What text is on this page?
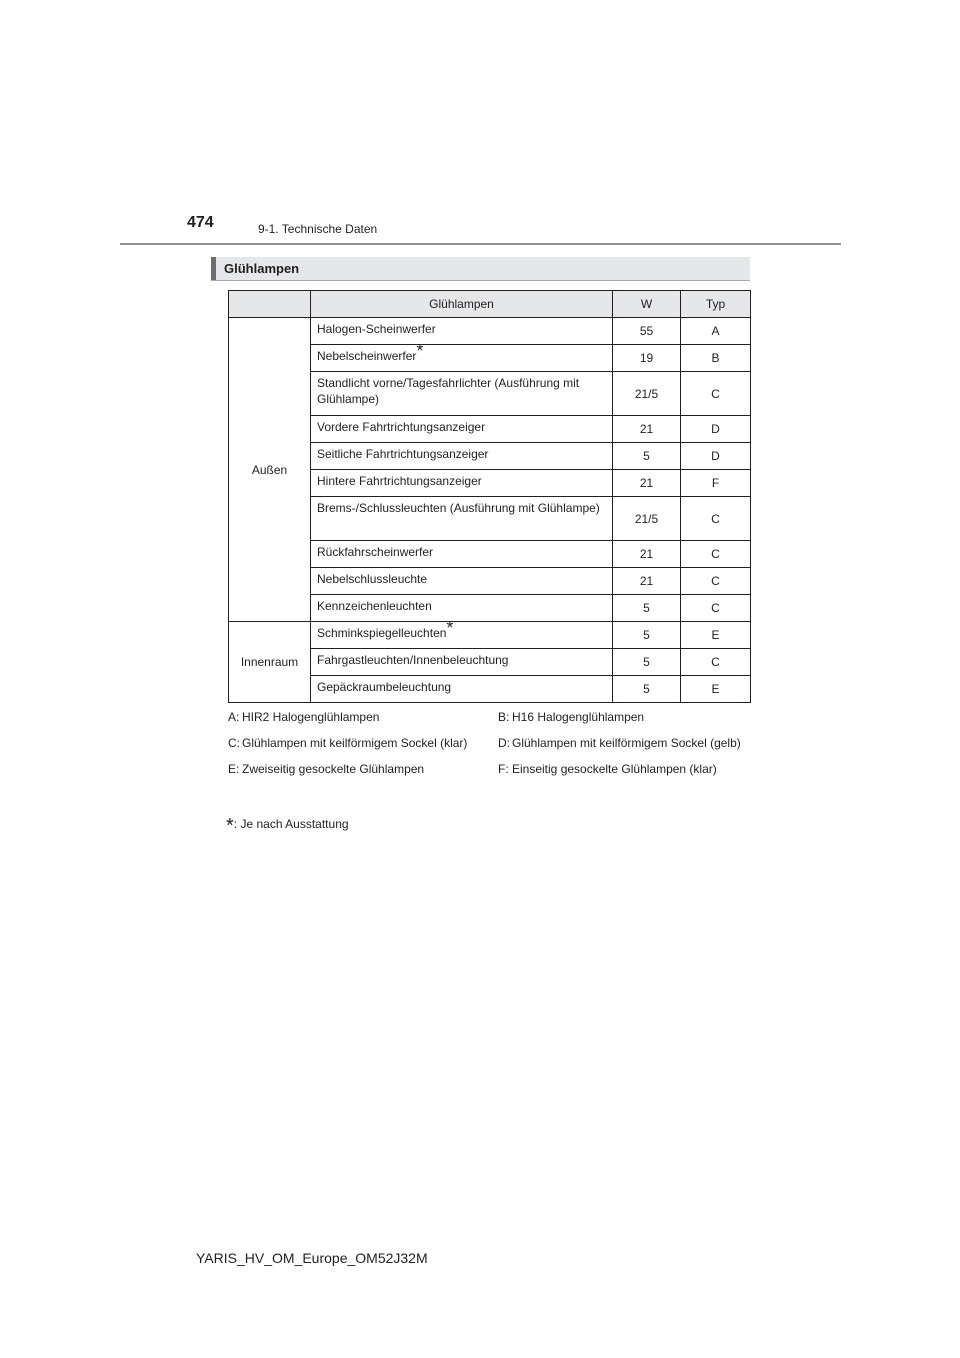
474	9-1. Technische Daten
Glühlampen
	Glühlampen	W	Typ
Außen	Halogen-Scheinwerfer	55	A
	Nebelscheinwerfer*	19	B
	Standlicht vorne/Tagesfahrlichter (Ausführung mit Glühlampe)	21/5	C
	Vordere Fahrtrichtungsanzeiger	21	D
	Seitliche Fahrtrichtungsanzeiger	5	D
	Hintere Fahrtrichtungsanzeiger	21	F
	Brems-/Schlussleuchten (Ausführung mit Glühlampe)	21/5	C
	Rückfahrscheinwerfer	21	C
	Nebelschlussleuchte	21	C
	Kennzeichenleuchten	5	C
Innenraum	Schminkspiegelleuchten*	5	E
	Fahrgastleuchten/Innenbeleuchtung	5	C
	Gepäckraumbeleuchtung	5	E
A: HIR2 Halogenglühlampen	B: H16 Halogenglühlampen
C: Glühlampen mit keilförmigem Sockel (klar)	D: Glühlampen mit keilförmigem Sockel (gelb)
E: Zweiseitig gesockelte Glühlampen	F: Einseitig gesockelte Glühlampen (klar)
*: Je nach Ausstattung
YARIS_HV_OM_Europe_OM52J32M
